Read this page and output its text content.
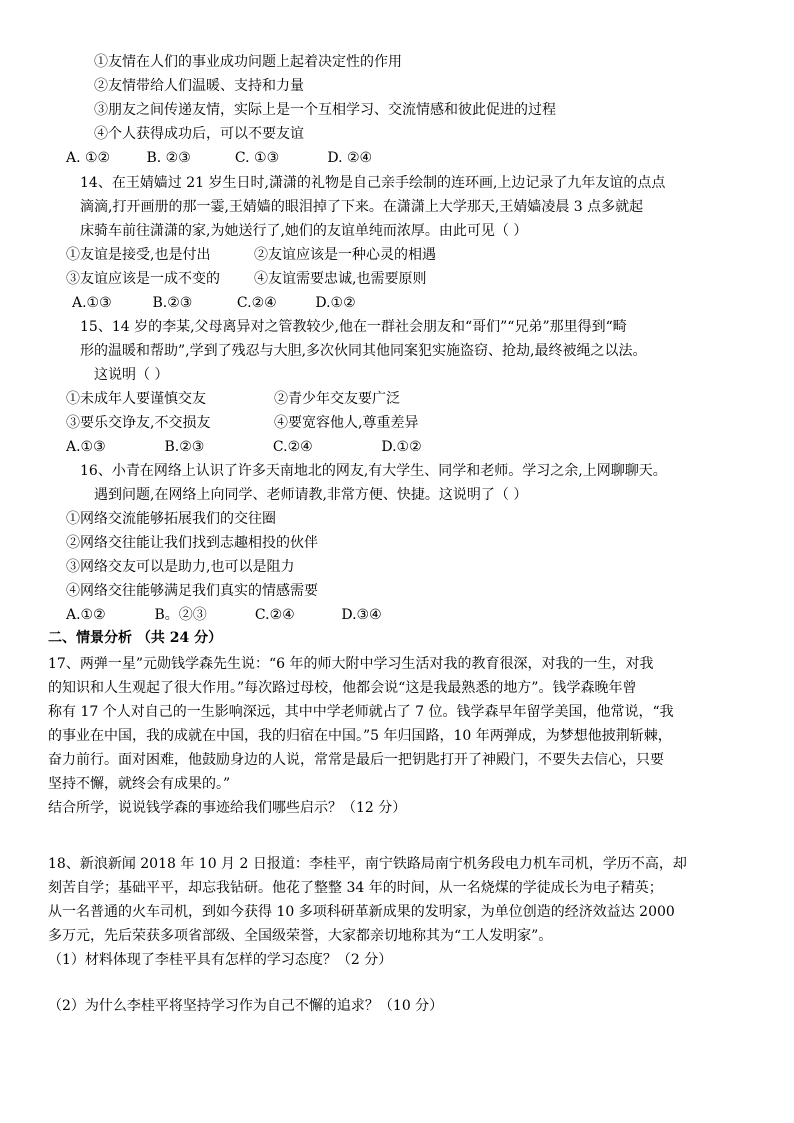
①友情在人们的事业成功问题上起着决定性的作用
②友情带给人们温暖、支持和力量
③朋友之间传递友情，实际上是一个互相学习、交流情感和彼此促进的过程
④个人获得成功后，可以不要友谊
A. ①②	B. ②③	C. ①③	D. ②④
14、在王婧嫱过 21 岁生日时,潇潇的礼物是自己亲手绘制的连环画,上边记录了九年友谊的点点
滴滴,打开画册的那一霎,王婧嫱的眼泪掉了下来。在潇潇上大学那天,王婧嫱凌晨 3 点多就起
床骑车前往潇潇的家,为她送行了,她们的友谊单纯而浓厚。由此可见（ ）
①友谊是接受,也是付出	②友谊应该是一种心灵的相遇
③友谊应该是一成不变的 ④友谊需要忠诚,也需要原则
A.①③	B.②③	C.②④	D.①②
15、14 岁的李某,父母离异对之管教较少,他在一群社会朋友和“哥们”“兄弟”那里得到“畸
形的温暖和帮助”,学到了残忍与大胆,多次伙同其他同案犯实施盗窃、抢劫,最终被绳之以法。
这说明（ ）
①未成年人要谨慎交友	②青少年交友要广泛
③要乐交诤友,不交损友	④要宽容他人,尊重差异
A.①③	B.②③	C.②④	D.①②
16、小青在网络上认识了许多天南地北的网友,有大学生、同学和老师。学习之余,上网聊聊天。
遇到问题,在网络上向同学、老师请教,非常方便、快捷。这说明了（ ）
①网络交流能够拓展我们的交往圈
②网络交往能让我们找到志趣相投的伙伴
③网络交友可以是助力,也可以是阻力
④网络交往能够满足我们真实的情感需要
A.①②	B。②③	C.②④	D.③④
二、情景分析 （共 24 分）
17、两弹一星”元勋钱学森先生说：“6 年的师大附中学习生活对我的教育很深，对我的一生，对我
的知识和人生观起了很大作用。”每次路过母校，他都会说“这是我最熟悉的地方”。钱学森晚年曾
称有 17 个人对自己的一生影响深远，其中中学老师就占了 7 位。钱学森早年留学美国，他常说，“我
的事业在中国，我的成就在中国，我的归宿在中国。”5 年归国路，10 年两弹成，为梦想他披荆斩棘，
奋力前行。面对困难，他鼓励身边的人说，常常是最后一把钥匙打开了神殿门，不要失去信心，只要
坚持不懈，就终会有成果的。”
结合所学，说说钱学森的事迹给我们哪些启示？（12 分）
18、新浪新闻 2018 年 10 月 2 日报道：李桂平，南宁铁路局南宁机务段电力机车司机，学历不高，却
刻苦自学；基础平平，却忘我钻研。他花了整整 34 年的时间，从一名烧煤的学徒成长为电子精英；
从一名普通的火车司机，到如今获得 10 多项科研革新成果的发明家，为单位创造的经济效益达 2000
多万元，先后荣获多项省部级、全国级荣誉，大家都亲切地称其为“工人发明家”。
（1）材料体现了李桂平具有怎样的学习态度？（2 分）
（2）为什么李桂平将坚持学习作为自己不懈的追求？（10 分）
